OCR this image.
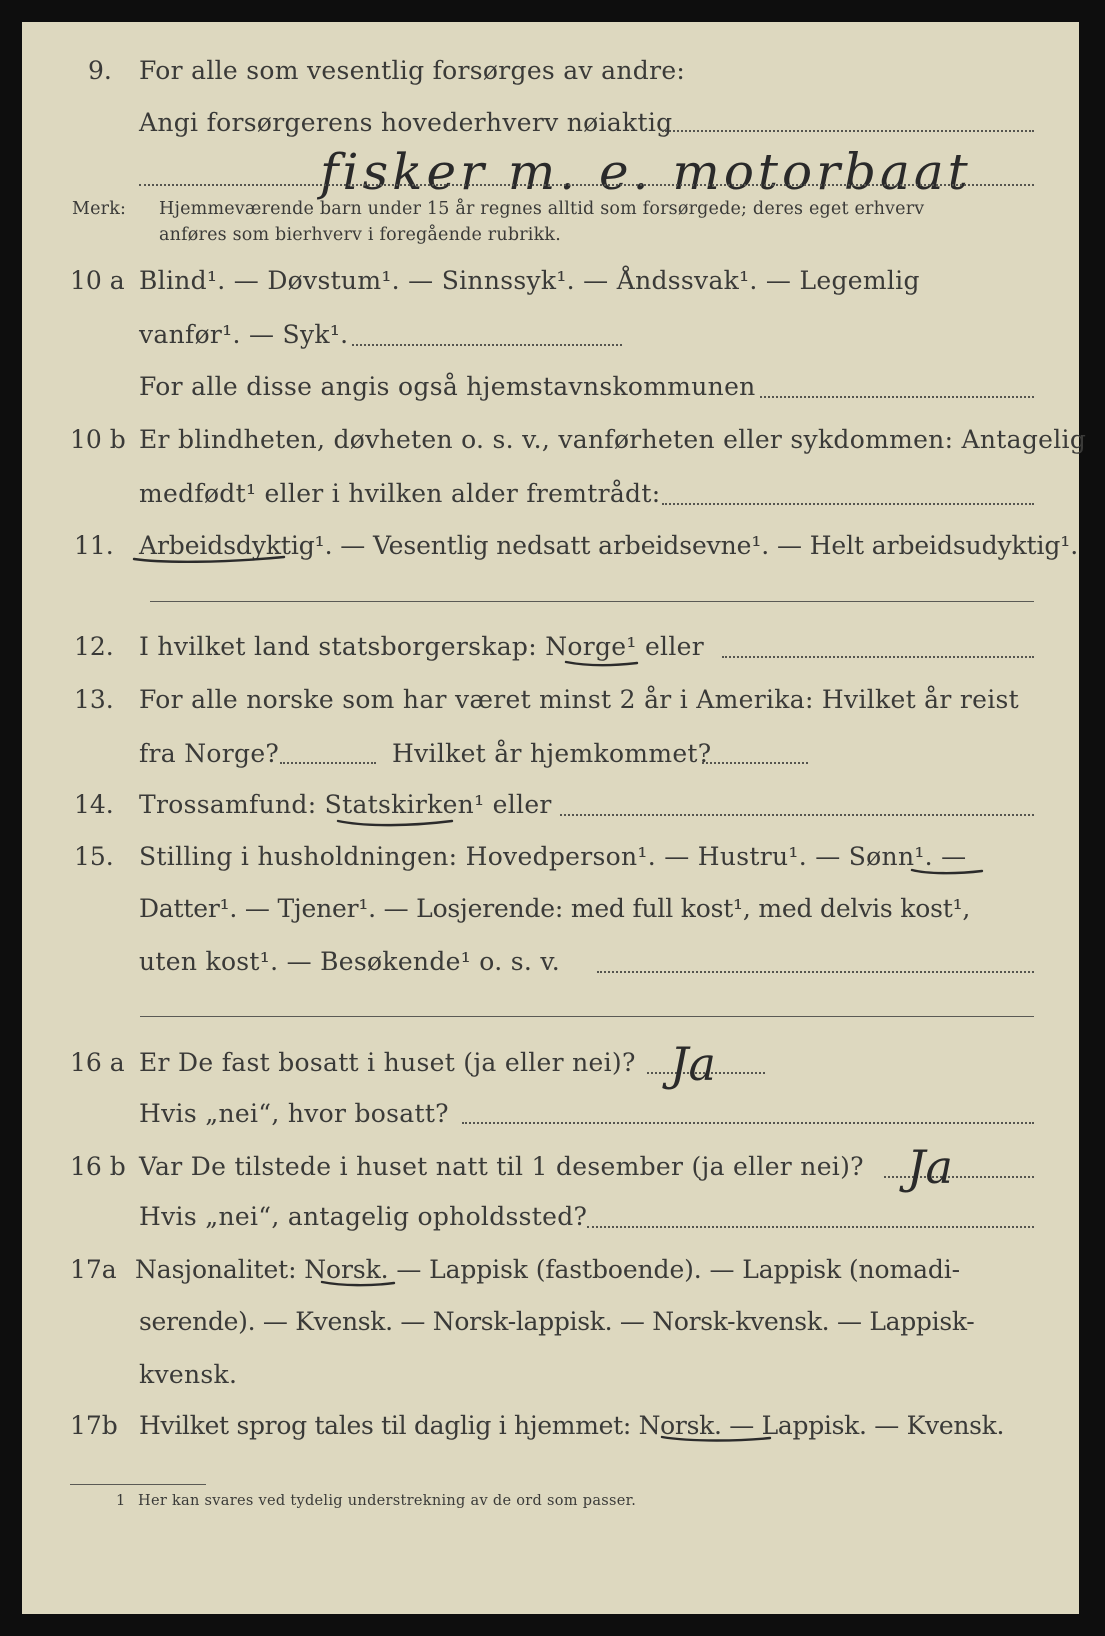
9. For alle som vesentlig forsørges av andre:
Angi forsørgerens hovederhverv nøiaktig
fisker m. e. motorbaat
Merk: Hjemmeværende barn under 15 år regnes alltid som forsørgede; deres eget erhverv
anføres som bierhverv i foregående rubrikk.
10 a Blind¹. — Døvstum¹. — Sinnssyk¹. — Åndssvak¹. — Legemlig
vanfør¹. — Syk¹.
For alle disse angis også hjemstavnskommunen
10 b Er blindheten, døvheten o. s. v., vanførheten eller sykdommen: Antagelig
medfødt¹ eller i hvilken alder fremtrådt:
11. Arbeidsdyktig¹. — Vesentlig nedsatt arbeidsevne¹. — Helt arbeidsudyktig¹.
12. I hvilket land statsborgerskap: Norge¹ eller
13. For alle norske som har været minst 2 år i Amerika: Hvilket år reist
fra Norge?	Hvilket år hjemkommet?
14. Trossamfund: Statskirken¹ eller
15. Stilling i husholdningen: Hovedperson¹. — Hustru¹. — Sønn¹. —
Datter¹. — Tjener¹. — Losjerende: med full kost¹, med delvis kost¹,
uten kost¹. — Besøkende¹ o. s. v.
16 a Er De fast bosatt i huset (ja eller nei)? Ja
Hvis „nei“, hvor bosatt?
16 b Var De tilstede i huset natt til 1 desember (ja eller nei)? Ja
Hvis „nei“, antagelig opholdssted?
17a Nasjonalitet: Norsk. — Lappisk (fastboende). — Lappisk (nomadi-
serende). — Kvensk. — Norsk-lappisk. — Norsk-kvensk. — Lappisk-
kvensk.
17b Hvilket sprog tales til daglig i hjemmet: Norsk. — Lappisk. — Kvensk.
1 Her kan svares ved tydelig understrekning av de ord som passer.
